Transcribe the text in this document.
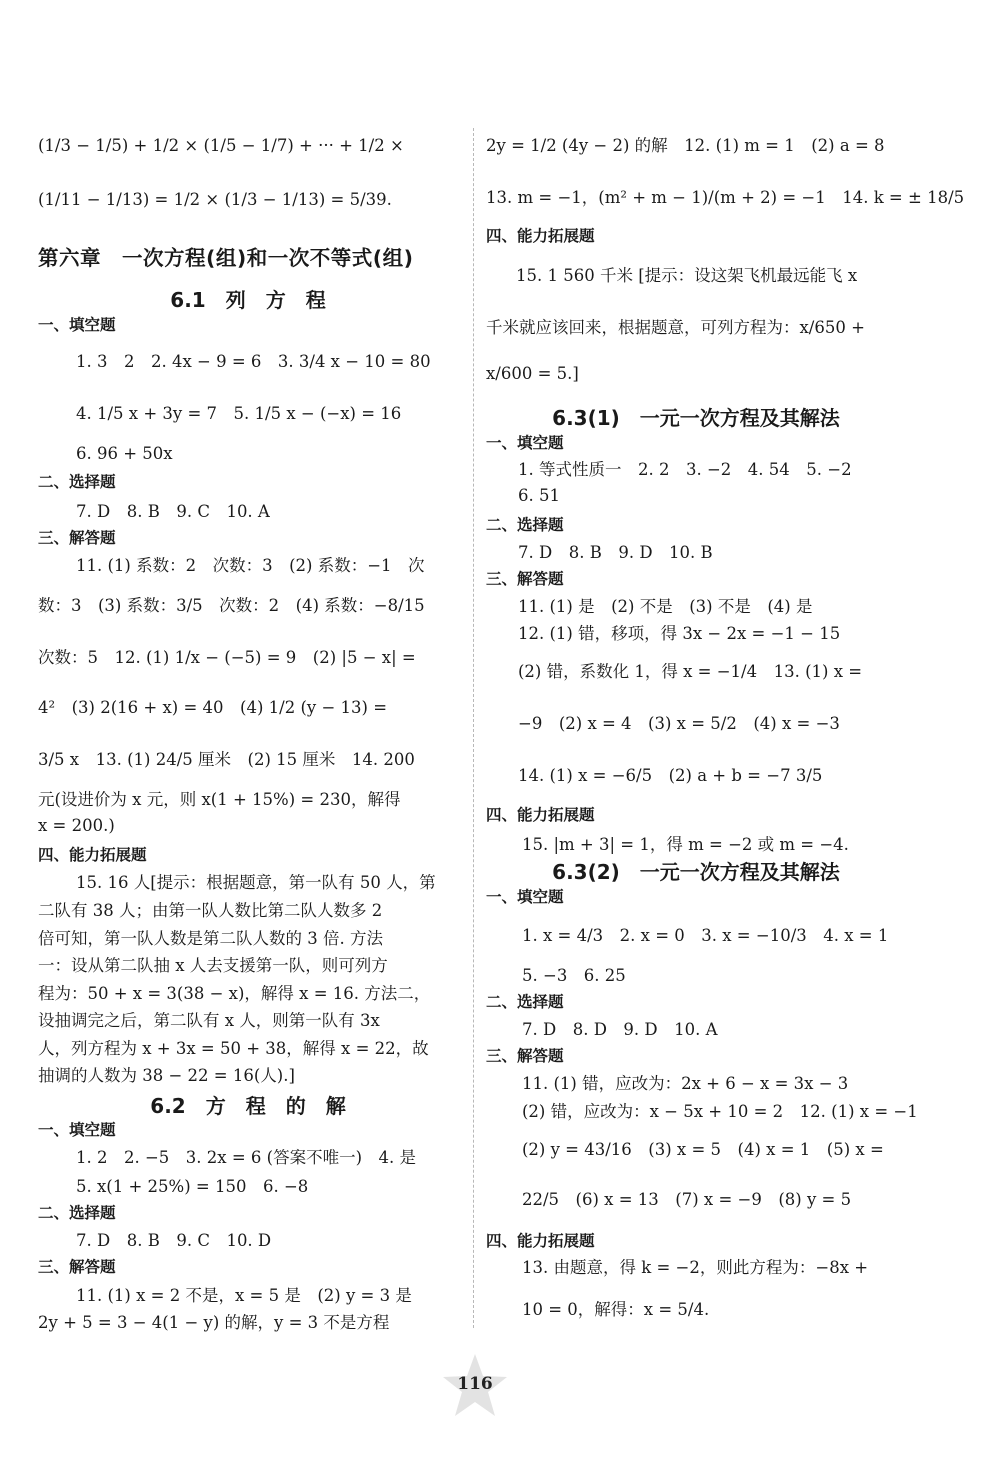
(1/3 − 1/5) + 1/2 × (1/5 − 1/7) + ··· + 1/2 ×
(1/11 − 1/13) = 1/2 × (1/3 − 1/13) = 5/39.
第六章　一次方程(组)和一次不等式(组)
6.1　列　方　程
一、填空题
1. 3　2　2. 4x − 9 = 6　3. 3/4 x − 10 = 80
4. 1/5 x + 3y = 7　5. 1/5 x − (−x) = 16
6. 96 + 50x
二、选择题
7. D　8. B　9. C　10. A
三、解答题
11. (1) 系数：2　次数：3　(2) 系数：−1　次
数：3　(3) 系数：3/5　次数：2　(4) 系数：−8/15
次数：5　12. (1) 1/x − (−5) = 9　(2) |5 − x| =
4²　(3) 2(16 + x) = 40　(4) 1/2 (y − 13) =
3/5 x　13. (1) 24/5 厘米　(2) 15 厘米　14. 200
元(设进价为 x 元，则 x(1 + 15%) = 230，解得
x = 200.)
四、能力拓展题
15. 16 人[提示：根据题意，第一队有 50 人，第
二队有 38 人；由第一队人数比第二队人数多 2
倍可知，第一队人数是第二队人数的 3 倍. 方法
一：设从第二队抽 x 人去支援第一队，则可列方
程为：50 + x = 3(38 − x)，解得 x = 16. 方法二，
设抽调完之后，第二队有 x 人，则第一队有 3x
人，列方程为 x + 3x = 50 + 38，解得 x = 22，故
抽调的人数为 38 − 22 = 16(人).]
6.2　方　程　的　解
一、填空题
1. 2　2. −5　3. 2x = 6 (答案不唯一)　4. 是
5. x(1 + 25%) = 150　6. −8
二、选择题
7. D　8. B　9. C　10. D
三、解答题
11. (1) x = 2 不是，x = 5 是　(2) y = 3 是
2y + 5 = 3 − 4(1 − y) 的解，y = 3 不是方程
2y = 1/2 (4y − 2) 的解　12. (1) m = 1　(2) a = 8
13. m = −1，(m² + m − 1)/(m + 2) = −1　14. k = ± 18/5
四、能力拓展题
15. 1 560 千米 [提示：设这架飞机最远能飞 x
千米就应该回来，根据题意，可列方程为：x/650 +
x/600 = 5.]
6.3(1)　一元一次方程及其解法
一、填空题
1. 等式性质一　2. 2　3. −2　4. 54　5. −2
6. 51
二、选择题
7. D　8. B　9. D　10. B
三、解答题
11. (1) 是　(2) 不是　(3) 不是　(4) 是
12. (1) 错，移项，得 3x − 2x = −1 − 15
(2) 错，系数化 1，得 x = −1/4　13. (1) x =
−9　(2) x = 4　(3) x = 5/2　(4) x = −3
14. (1) x = −6/5　(2) a + b = −7 3/5
四、能力拓展题
15. |m + 3| = 1，得 m = −2 或 m = −4.
6.3(2)　一元一次方程及其解法
一、填空题
1. x = 4/3　2. x = 0　3. x = −10/3　4. x = 1
5. −3　6. 25
二、选择题
7. D　8. D　9. D　10. A
三、解答题
11. (1) 错，应改为：2x + 6 − x = 3x − 3
(2) 错，应改为：x − 5x + 10 = 2　12. (1) x = −1
(2) y = 43/16　(3) x = 5　(4) x = 1　(5) x =
22/5　(6) x = 13　(7) x = −9　(8) y = 5
四、能力拓展题
13. 由题意，得 k = −2，则此方程为：−8x +
10 = 0，解得：x = 5/4.
116
